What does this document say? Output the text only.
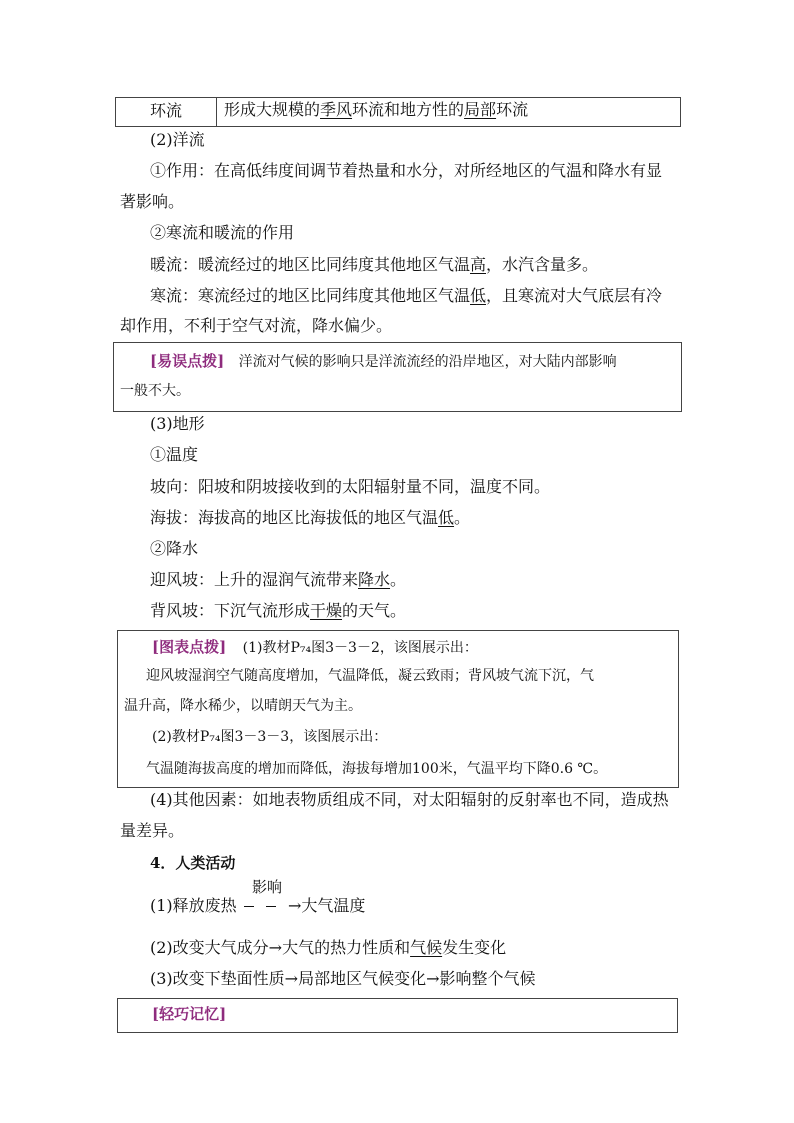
环流	形成大规模的季风环流和地方性的局部环流
(2)洋流
①作用：在高低纬度间调节着热量和水分，对所经地区的气温和降水有显
著影响。
②寒流和暖流的作用
暖流：暖流经过的地区比同纬度其他地区气温高，水汽含量多。
寒流：寒流经过的地区比同纬度其他地区气温低，且寒流对大气底层有冷
却作用，不利于空气对流，降水偏少。
[易误点拨] 洋流对气候的影响只是洋流流经的沿岸地区，对大陆内部影响
一般不大。
(3)地形
①温度
坡向：阳坡和阴坡接收到的太阳辐射量不同，温度不同。
海拔：海拔高的地区比海拔低的地区气温低。
②降水
迎风坡：上升的湿润气流带来降水。
背风坡：下沉气流形成干燥的天气。
[图表点拨] (1)教材P₇₄图3－3－2，该图展示出：
迎风坡湿润空气随高度增加，气温降低，凝云致雨；背风坡气流下沉，气
温升高，降水稀少，以晴朗天气为主。
(2)教材P₇₄图3－3－3，该图展示出：
气温随海拔高度的增加而降低，海拔每增加100米，气温平均下降0.6 ℃。
(4)其他因素：如地表物质组成不同，对太阳辐射的反射率也不同，造成热
量差异。
4．人类活动
(1)释放废热
影响
→大气温度
(2)改变大气成分→大气的热力性质和气候发生变化
(3)改变下垫面性质→局部地区气候变化→影响整个气候
[轻巧记忆]
